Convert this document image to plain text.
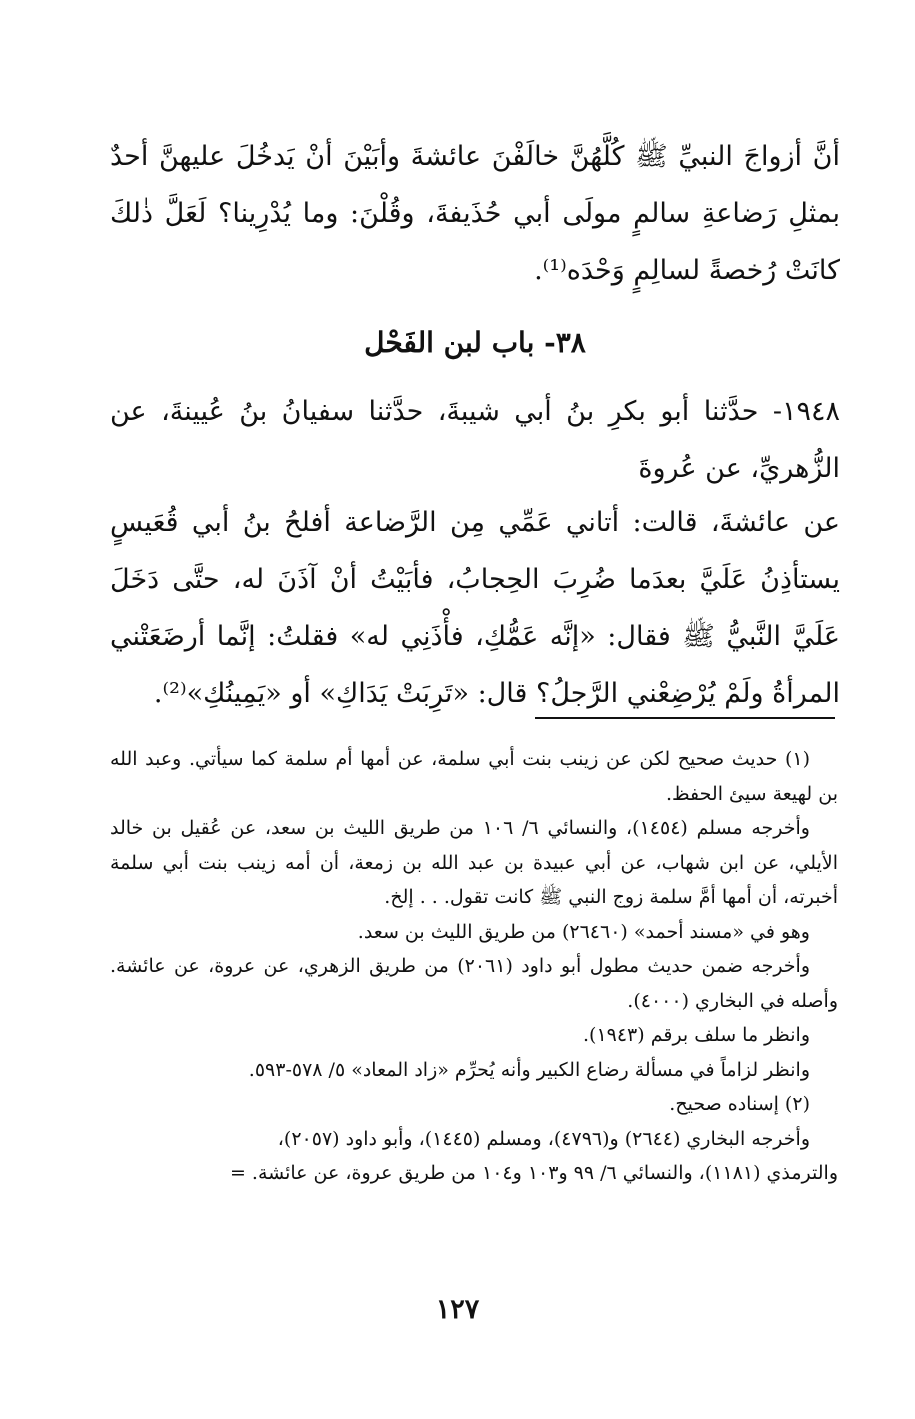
أنَّ أزواجَ النبيِّ ﷺ كُلَّهُنَّ خالَفْنَ عائشةَ وأبَيْنَ أنْ يَدخُلَ عليهنَّ أحدٌ بمثلِ رَضاعةِ سالمٍ مولَى أبي حُذَيفةَ، وقُلْنَ: وما يُدْرِينا؟ لَعَلَّ ذٰلكَ كانَتْ رُخصةً لسالِمٍ وَحْدَه⁽¹⁾.

٣٨- باب لبن الفَحْل

١٩٤٨- حدَّثنا أبو بكرِ بنُ أبي شيبةَ، حدَّثنا سفيانُ بنُ عُيينةَ، عن الزُّهريِّ، عن عُروةَ

عن عائشةَ، قالت: أتاني عَمِّي مِن الرَّضاعة أفلحُ بنُ أبي قُعَيسٍ يستأذِنُ عَلَيَّ بعدَما ضُرِبَ الحِجابُ، فأبَيْتُ أنْ آذَنَ له، حتَّى دَخَلَ عَلَيَّ النَّبيُّ ﷺ فقال: «إنَّه عَمُّكِ، فأْذَنِي له» فقلتُ: إنَّما أرضَعَتْني المرأةُ ولَمْ يُرْضِعْني الرَّجلُ؟ قال: «تَرِبَتْ يَدَاكِ» أو «يَمِينُكِ»⁽²⁾.

(١) حديث صحيح لكن عن زينب بنت أبي سلمة، عن أمها أم سلمة كما سيأتي. وعبد الله بن لهيعة سيئ الحفظ.

وأخرجه مسلم (١٤٥٤)، والنسائي ٦/ ١٠٦ من طريق الليث بن سعد، عن عُقيل بن خالد الأيلي، عن ابن شهاب، عن أبي عبيدة بن عبد الله بن زمعة، أن أمه زينب بنت أبي سلمة أخبرته، أن أمها أمَّ سلمة زوج النبي ﷺ كانت تقول. . . إلخ.

وهو في «مسند أحمد» (٢٦٤٦٠) من طريق الليث بن سعد.

وأخرجه ضمن حديث مطول أبو داود (٢٠٦١) من طريق الزهري، عن عروة، عن عائشة. وأصله في البخاري (٤٠٠٠).

وانظر ما سلف برقم (١٩٤٣).

وانظر لزاماً في مسألة رضاع الكبير وأنه يُحرِّم «زاد المعاد» ٥/ ٥٧٨-٥٩٣.

(٢) إسناده صحيح.

وأخرجه البخاري (٢٦٤٤) و(٤٧٩٦)، ومسلم (١٤٤٥)، وأبو داود (٢٠٥٧)،

والترمذي (١١٨١)، والنسائي ٦/ ٩٩ و١٠٣ و١٠٤ من طريق عروة، عن عائشة. =

١٢٧
